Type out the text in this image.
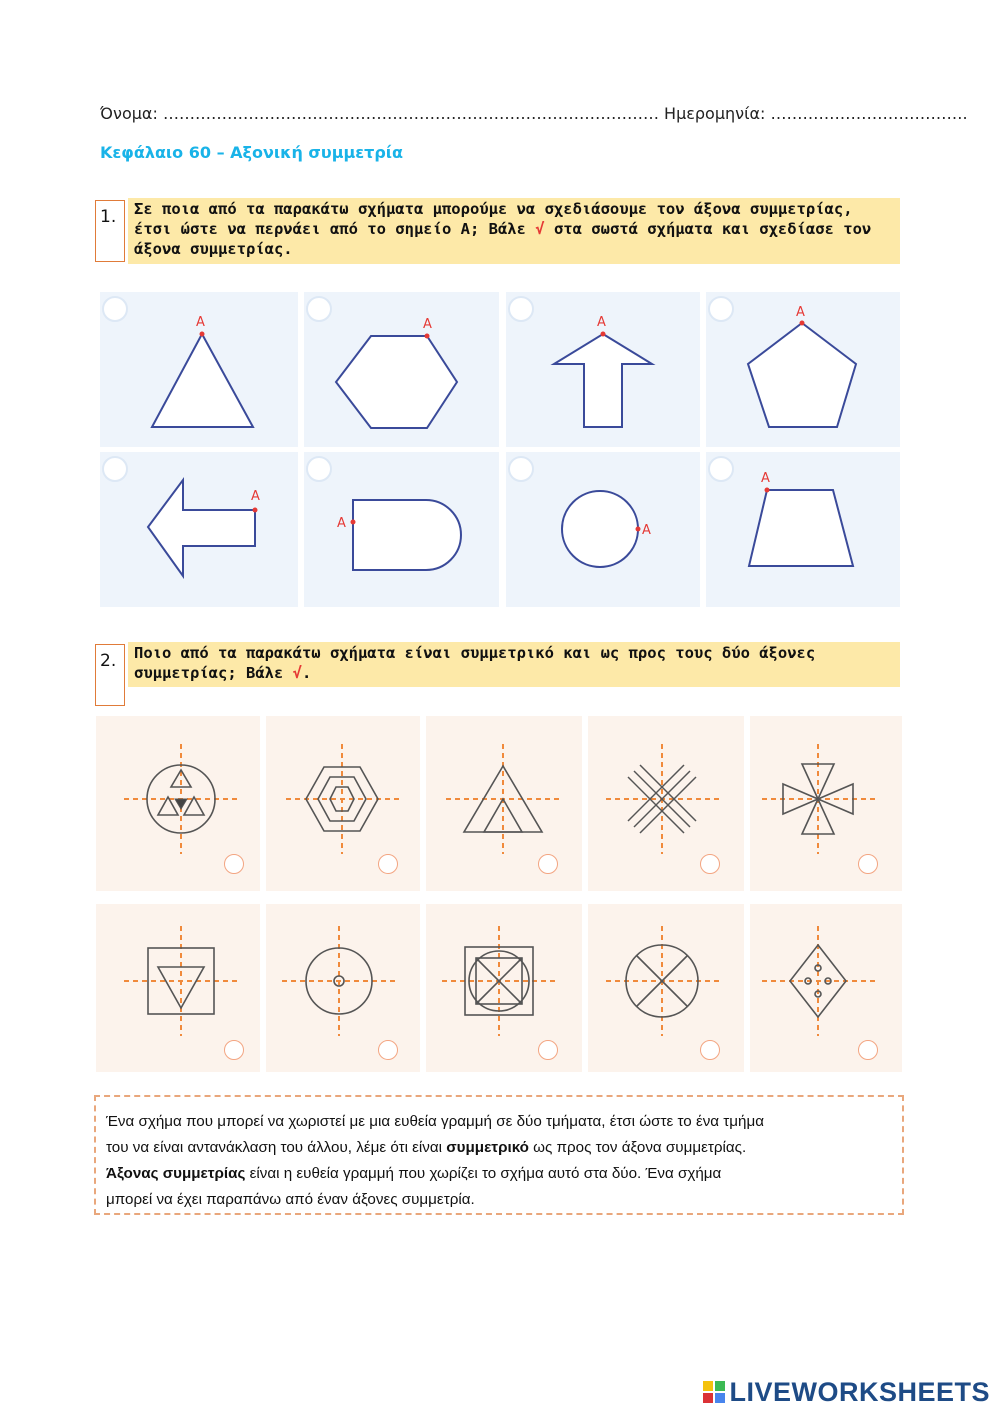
Όνομα: ………………………………………………………………………………… Ημερομηνία: ……………………………….
Κεφάλαιο 60 – Αξονική συμμετρία
1.	Σε ποια από τα παρακάτω σχήματα μπορούμε να σχεδιάσουμε τον άξονα συμμετρίας, έτσι ώστε να περνάει από το σημείο Α; Βάλε √ στα σωστά σχήματα και σχεδίασε τον άξονα συμμετρίας.
Α	Α	Α
Α
Α
Α	Α
Α
2.	Ποιο από τα παρακάτω σχήματα είναι συμμετρικό και ως προς τους δύο άξονες συμμετρίας; Βάλε √.
Ένα σχήμα που μπορεί να χωριστεί με μια ευθεία γραμμή σε δύο τμήματα, έτσι ώστε το ένα τμήμα
του να είναι αντανάκλαση του άλλου, λέμε ότι είναι συμμετρικό ως προς τον άξονα συμμετρίας.
Άξονας συμμετρίας είναι η ευθεία γραμμή που χωρίζει το σχήμα αυτό στα δύο. Ένα σχήμα
μπορεί να έχει παραπάνω από έναν άξονες συμμετρία.
LIVEWORKSHEETS
